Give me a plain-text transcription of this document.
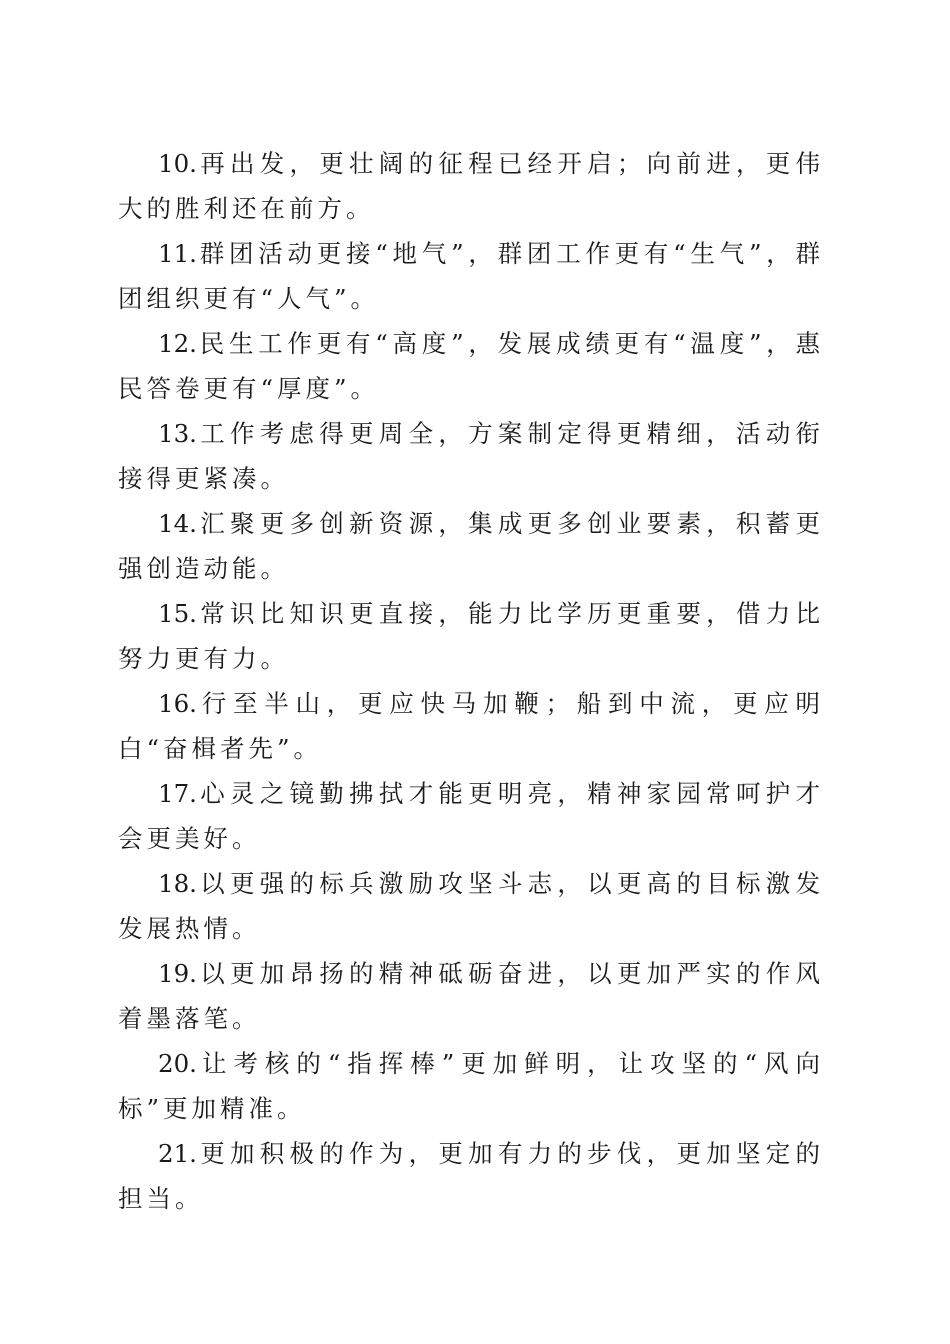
10.再出发，更壮阔的征程已经开启；向前进，更伟大的胜利还在前方。

11.群团活动更接“地气”，群团工作更有“生气”，群团组织更有“人气”。

12.民生工作更有“高度”，发展成绩更有“温度”，惠民答卷更有“厚度”。

13.工作考虑得更周全，方案制定得更精细，活动衔接得更紧凑。

14.汇聚更多创新资源，集成更多创业要素，积蓄更强创造动能。

15.常识比知识更直接，能力比学历更重要，借力比努力更有力。

16.行至半山，更应快马加鞭；船到中流，更应明白“奋楫者先”。

17.心灵之镜勤拂拭才能更明亮，精神家园常呵护才会更美好。

18.以更强的标兵激励攻坚斗志，以更高的目标激发发展热情。

19.以更加昂扬的精神砥砺奋进，以更加严实的作风着墨落笔。

20.让考核的“指挥棒”更加鲜明，让攻坚的“风向标”更加精准。

21.更加积极的作为，更加有力的步伐，更加坚定的担当。
